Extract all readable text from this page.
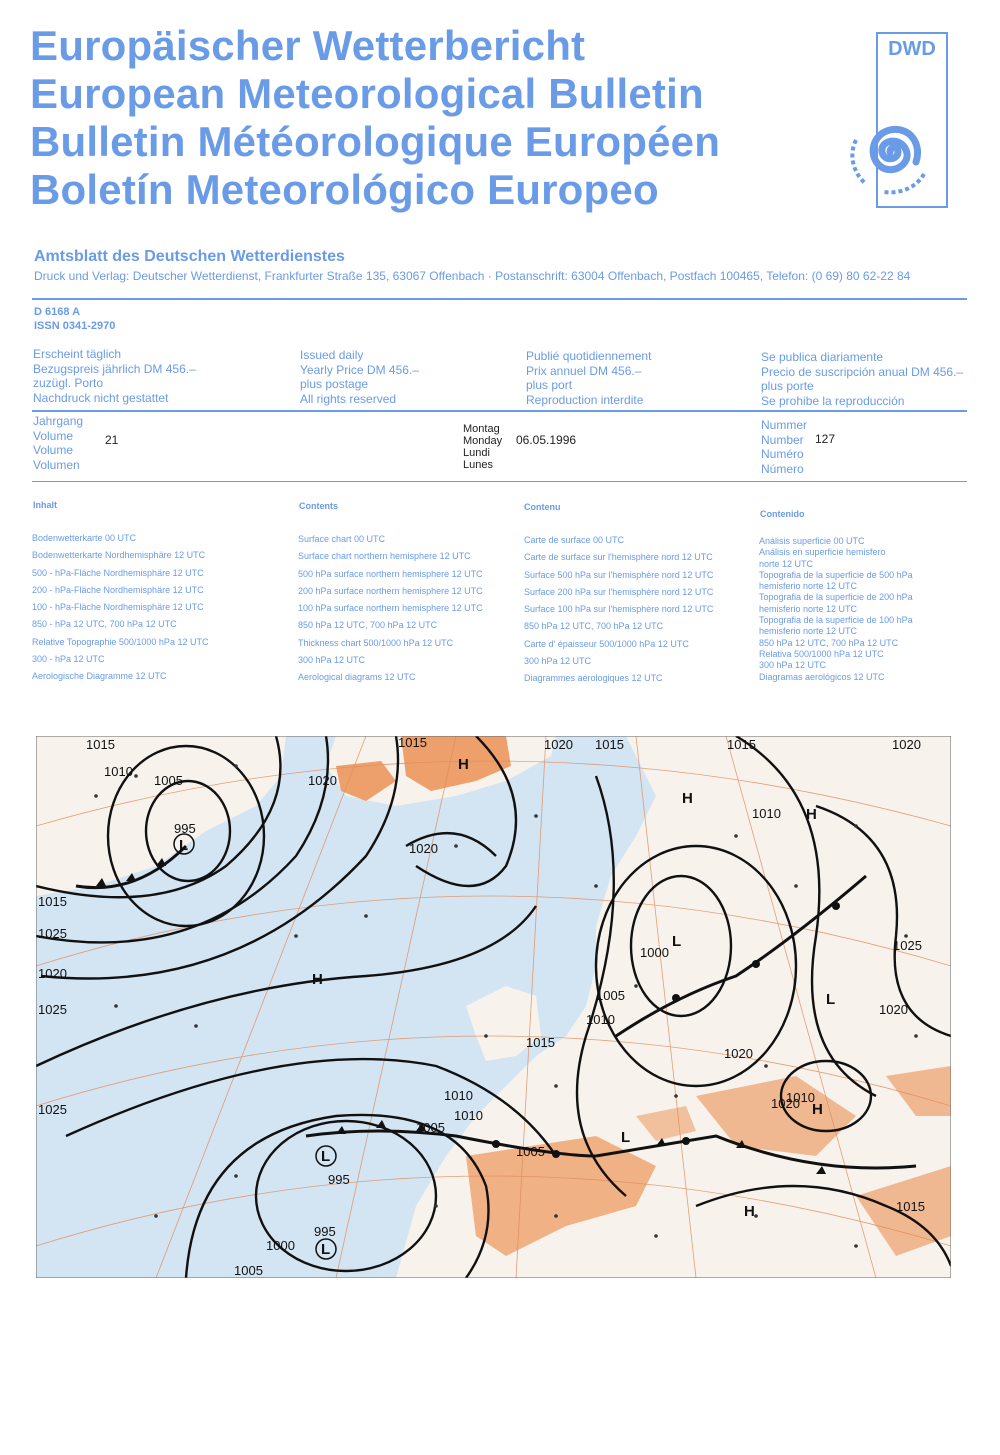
Europäischer Wetterbericht
European Meteorological Bulletin
Bulletin Météorologique Européen
Boletín Meteorológico Europeo
DWD
Amtsblatt des Deutschen Wetterdienstes
Druck und Verlag: Deutscher Wetterdienst, Frankfurter Straße 135, 63067 Offenbach · Postanschrift: 63004 Offenbach, Postfach 100465, Telefon: (0 69) 80 62-22 84
D 6168 A
ISSN 0341-2970
Erscheint täglich
Bezugspreis jährlich DM 456.–
zuzügl. Porto
Nachdruck nicht gestattet
Issued daily
Yearly Price DM 456.–
plus postage
All rights reserved
Publié quotidiennement
Prix annuel DM 456.–
plus port
Reproduction interdite
Se publica diariamente
Precio de suscripción anual DM 456.–
plus porte
Se prohibe la reproducción
Jahrgang
Volume
Volume
Volumen
21
Montag
Monday
Lundi
Lunes
06.05.1996
Nummer
Number
Numéro
Número
127
Inhalt	Contents	Contenu
Contenido
Bodenwetterkarte 00 UTC
Bodenwetterkarte Nordhemisphäre 12 UTC
500 - hPa-Fläche Nordhemisphäre 12 UTC
200 - hPa-Fläche Nordhemisphäre 12 UTC
100 - hPa-Fläche Nordhemisphäre 12 UTC
850 - hPa 12 UTC, 700 hPa 12 UTC
Relative Topographie 500/1000 hPa 12 UTC
300 - hPa 12 UTC
Aerologische Diagramme 12 UTC
Surface chart 00 UTC
Surface chart northern hemisphere 12 UTC
500 hPa surface northern hemisphere 12 UTC
200 hPa surface northern hemisphere 12 UTC
100 hPa surface northern hemisphere 12 UTC
850 hPa 12 UTC, 700 hPa 12 UTC
Thickness chart 500/1000 hPa 12 UTC
300 hPa 12 UTC
Aerological diagrams 12 UTC
Carte de surface 00 UTC
Carte de surface sur l'hemisphère nord 12 UTC
Surface 500 hPa sur l'hemisphère nord 12 UTC
Surface 200 hPa sur l'hemisphère nord 12 UTC
Surface 100 hPa sur l'hemisphère nord 12 UTC
850 hPa 12 UTC, 700 hPa 12 UTC
Carte d' épaisseur 500/1000 hPa 12 UTC
300 hPa 12 UTC
Diagrammes aérologiques 12 UTC
Análisis superficie 00 UTC
Análisis en superficie hemisfero
norte 12 UTC
Topografia de la superficie de 500 hPa
hemisferio norte 12 UTC
Topografia de la superficie de 200 hPa
hemisferio norte 12 UTC
Topografia de la superficie de 100 hPa
hemisferio norte 12 UTC
850 hPa 12 UTC, 700 hPa 12 UTC
Relativa 500/1000 hPa 12 UTC
300 hPa 12 UTC
Diagramas aerológicos 12 UTC
1015
1010
1005
995
1020
1025
1020
1020
1015
1015
1020
1010
1015
1010
1005
1000
1020
1015
1015
1025
1025
1010
1020
1010
1005
1005
995
995
1000
1005
1010
1015
1025
1020
1020
H
H
H
H
H
H
L
L
L
L
L
L
